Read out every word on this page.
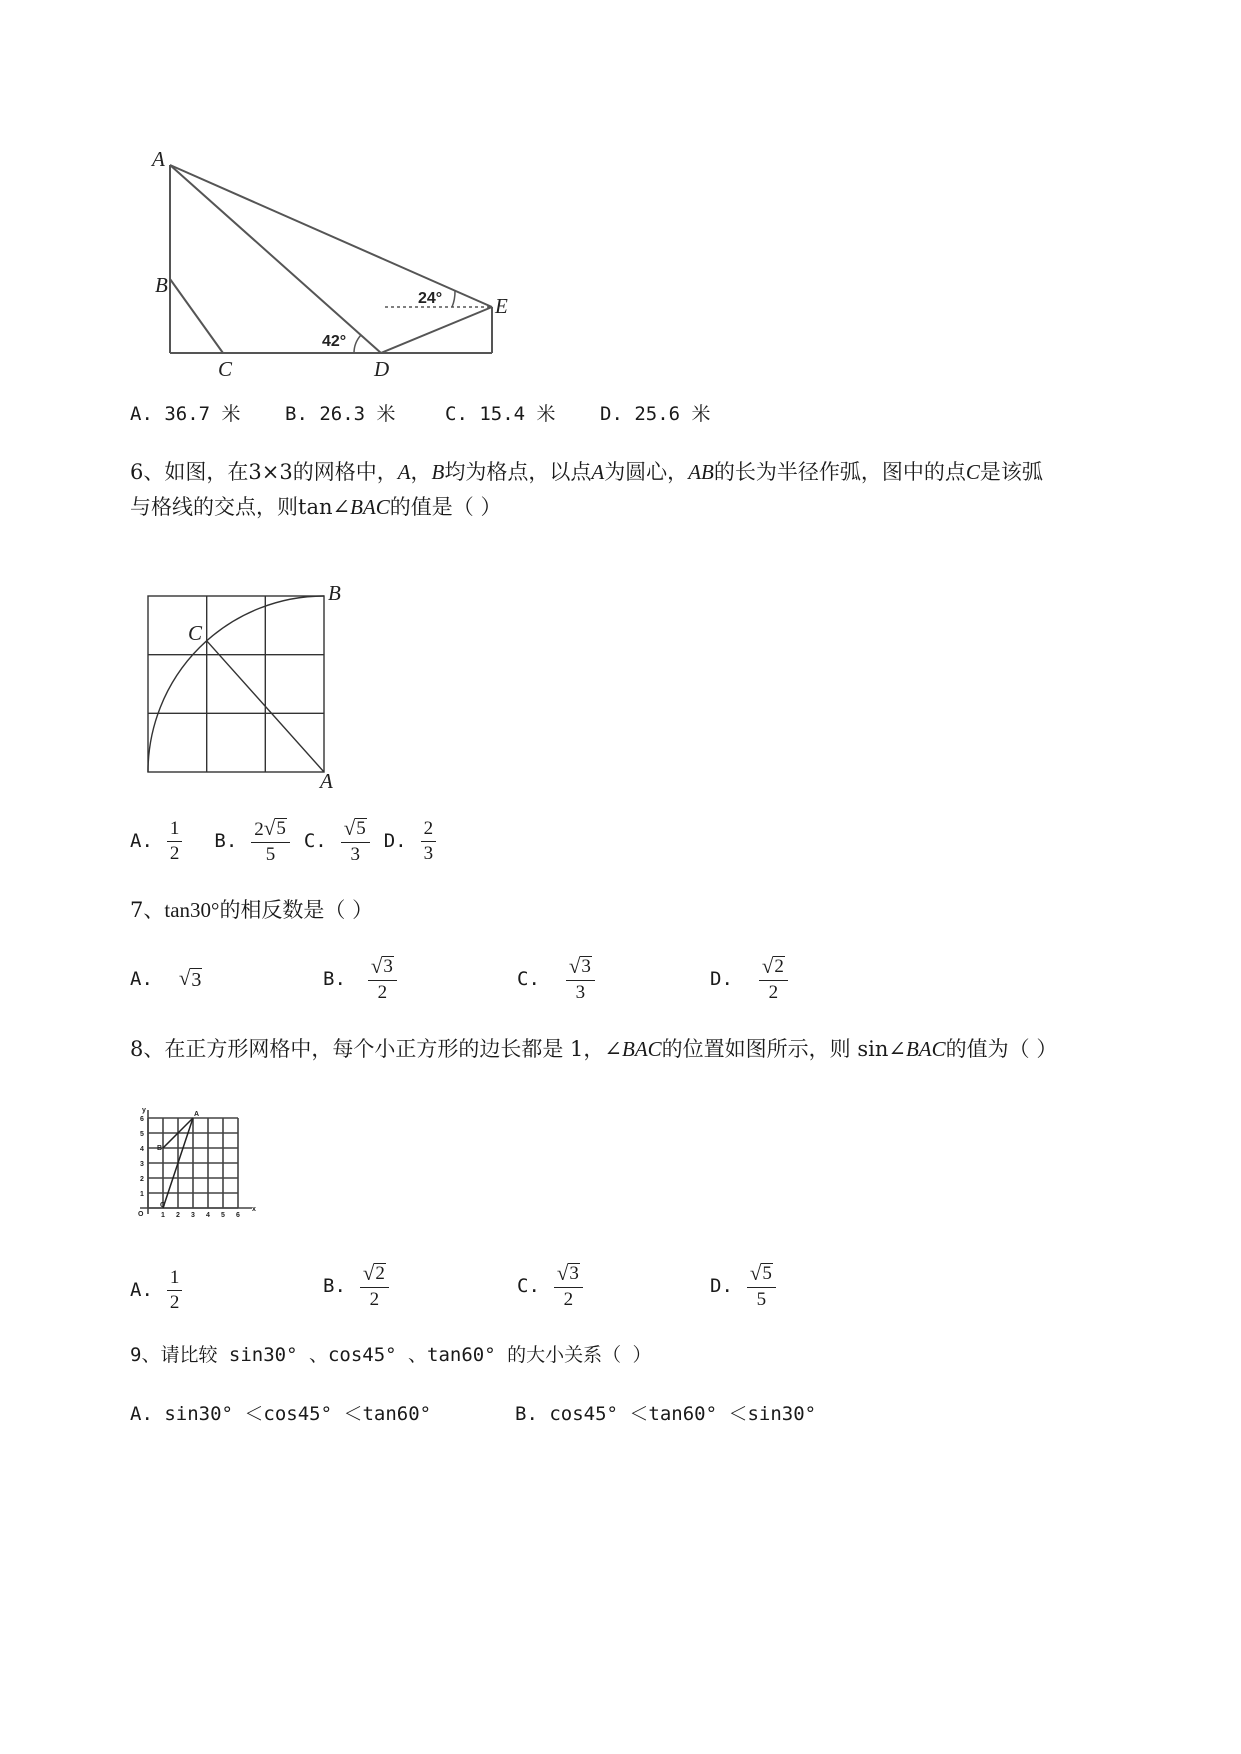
A
B
C	D
E
24°
42°
A. 36.7 米 B. 26.3 米	C. 15.4 米 D. 25.6 米
6、如图，在3×3的网格中，A，B均为格点，以点A为圆心，AB的长为半径作弧，图中的点C是该弧
与格线的交点，则tan∠BAC的值是（ ）
B
C
A
A. $\frac{1}{2} B$. $\frac{2 √ 5}{5} C$. $\frac{√ 5}{3} D$. $\frac{2}{3}$
7、tan30°的相反数是（ ）
A. √ 3	B. $\frac{√ 3}{2}$	C. $\frac{√ 3}{3}$	D. $\frac{√ 2}{2}$
8、在正方形网格中，每个小正方形的边长都是 1，∠BAC的位置如图所示，则 sin∠BAC的值为（ ）
1 2 3 4 5 6
1
2
3
4
5
6
O
x
y
A
B
C
A. $\frac{1}{2}$	B. $\frac{√ 2}{2}$	C. $\frac{√ 3}{2}$	D. $\frac{√ 5}{5}$
9、请比较 sin30° 、cos45° 、tan60° 的大小关系（ ）
A. sin30° ＜cos45° ＜tan60°	B. cos45° ＜tan60° ＜sin30°
